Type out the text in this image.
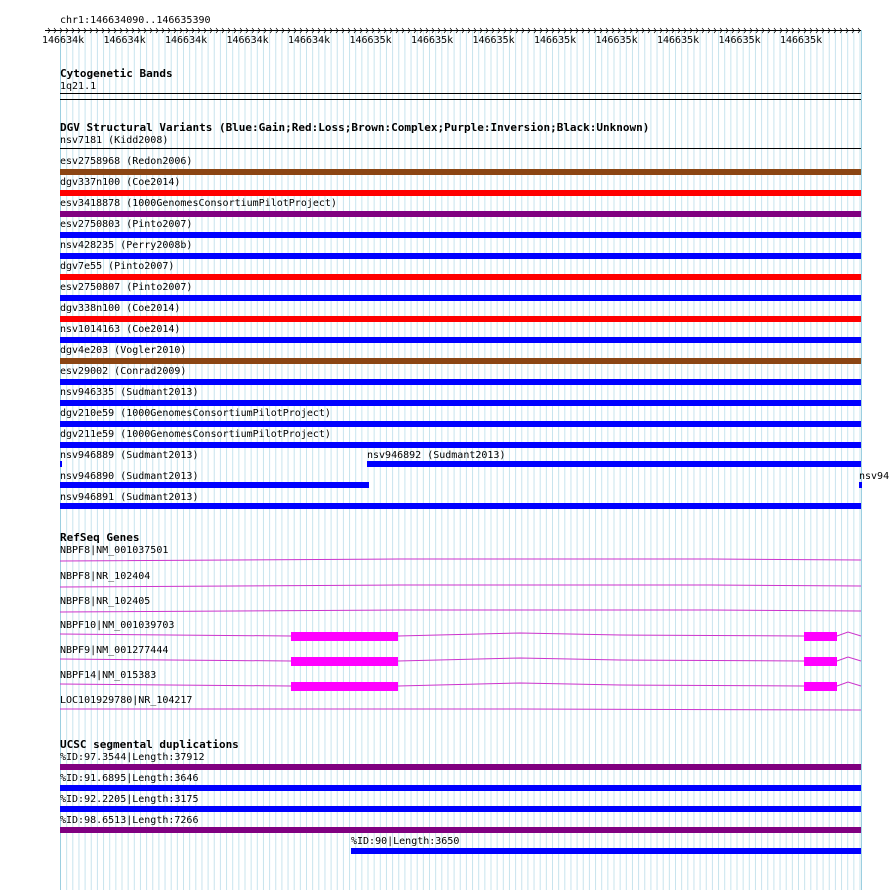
chr1:146634090..146635390
146634k 146634k 146634k 146634k 146634k 146635k 146635k 146635k 146635k 146635k 146635k 146635k 146635k
Cytogenetic Bands
1q21.1
DGV Structural Variants (Blue:Gain;Red:Loss;Brown:Complex;Purple:Inversion;Black:Unknown)
nsv7181 (Kidd2008)
esv2758968 (Redon2006)
dgv337n100 (Coe2014)
esv3418878 (1000GenomesConsortiumPilotProject)
esv2750803 (Pinto2007)
nsv428235 (Perry2008b)
dgv7e55 (Pinto2007)
esv2750807 (Pinto2007)
dgv338n100 (Coe2014)
nsv1014163 (Coe2014)
dgv4e203 (Vogler2010)
esv29002 (Conrad2009)
nsv946335 (Sudmant2013)
dgv210e59 (1000GenomesConsortiumPilotProject)
dgv211e59 (1000GenomesConsortiumPilotProject)
nsv946889 (Sudmant2013)	nsv946892 (Sudmant2013)
nsv946890 (Sudmant2013)	nsv94
nsv946891 (Sudmant2013)
RefSeq Genes
NBPF8|NM_001037501
NBPF8|NR_102404
NBPF8|NR_102405
NBPF10|NM_001039703
NBPF9|NM_001277444
NBPF14|NM_015383
LOC101929780|NR_104217
UCSC segmental duplications
%ID:97.3544|Length:37912
%ID:91.6895|Length:3646
%ID:92.2205|Length:3175
%ID:98.6513|Length:7266
%ID:90|Length:3650
